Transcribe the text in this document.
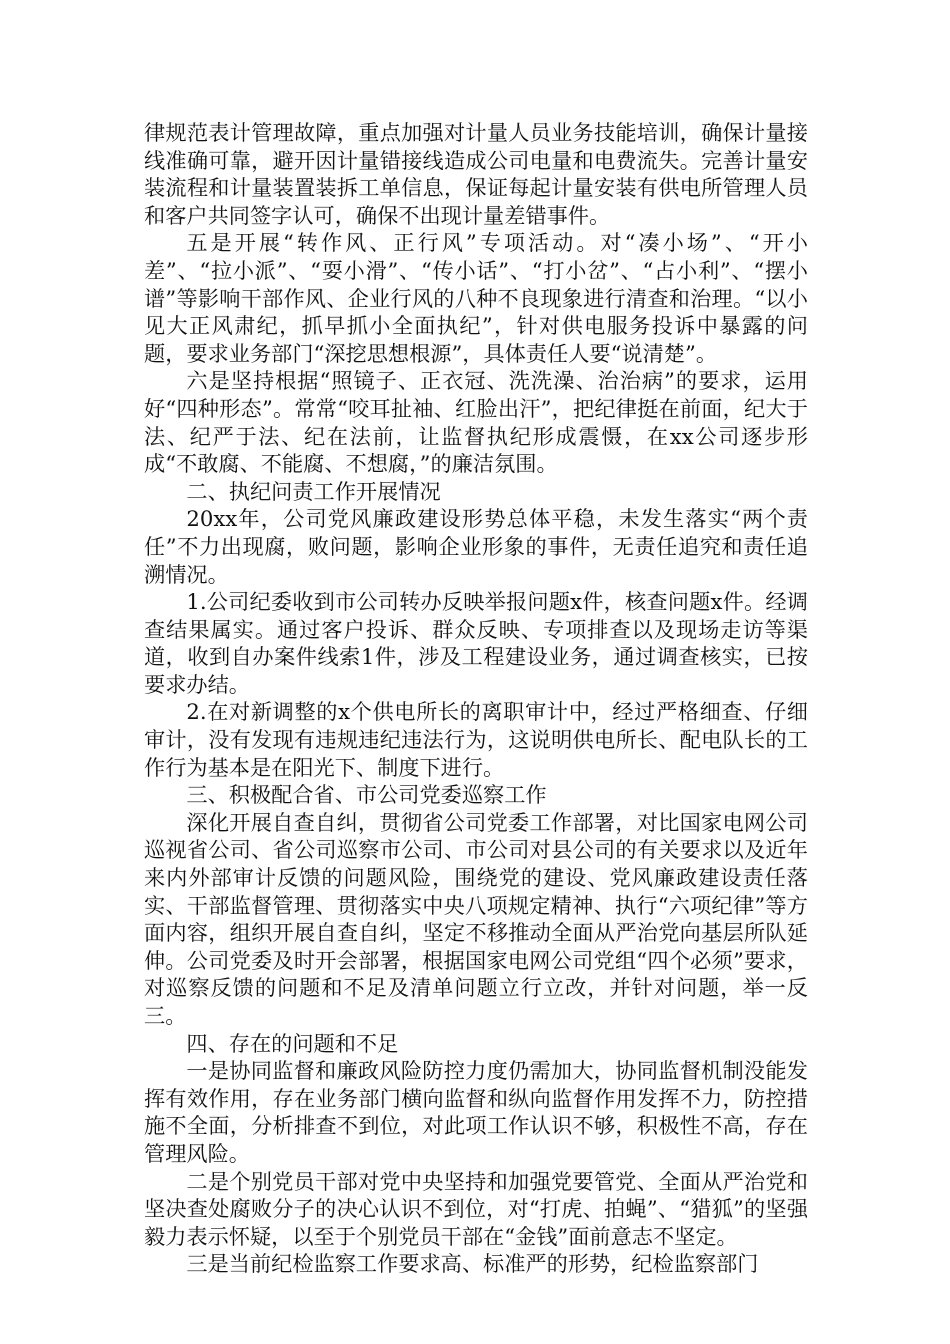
律规范表计管理故障，重点加强对计量人员业务技能培训，确保计量接线准确可靠，避开因计量错接线造成公司电量和电费流失。完善计量安装流程和计量装置装拆工单信息，保证每起计量安装有供电所管理人员和客户共同签字认可，确保不出现计量差错事件。

五是开展“转作风、正行风”专项活动。对“凑小场”、“开小差”、“拉小派”、“耍小滑”、“传小话”、“打小岔”、“占小利”、“摆小谱”等影响干部作风、企业行风的八种不良现象进行清查和治理。“以小见大正风肃纪，抓早抓小全面执纪”，针对供电服务投诉中暴露的问题，要求业务部门“深挖思想根源”，具体责任人要“说清楚”。

六是坚持根据“照镜子、正衣冠、洗洗澡、治治病”的要求，运用好“四种形态”。常常“咬耳扯袖、红脸出汗”，把纪律挺在前面，纪大于法、纪严于法、纪在法前，让监督执纪形成震慑，在xx公司逐步形成“不敢腐、不能腐、不想腐，”的廉洁氛围。

二、执纪问责工作开展情况

20xx年，公司党风廉政建设形势总体平稳，未发生落实“两个责任”不力出现腐，败问题，影响企业形象的事件，无责任追究和责任追溯情况。

1.公司纪委收到市公司转办反映举报问题x件，核查问题x件。经调查结果属实。通过客户投诉、群众反映、专项排查以及现场走访等渠道，收到自办案件线索1件，涉及工程建设业务，通过调查核实，已按要求办结。

2.在对新调整的x个供电所长的离职审计中，经过严格细查、仔细审计，没有发现有违规违纪违法行为，这说明供电所长、配电队长的工作行为基本是在阳光下、制度下进行。

三、积极配合省、市公司党委巡察工作

深化开展自查自纠，贯彻省公司党委工作部署，对比国家电网公司巡视省公司、省公司巡察市公司、市公司对县公司的有关要求以及近年来内外部审计反馈的问题风险，围绕党的建设、党风廉政建设责任落实、干部监督管理、贯彻落实中央八项规定精神、执行“六项纪律”等方面内容，组织开展自查自纠，坚定不移推动全面从严治党向基层所队延伸。公司党委及时开会部署，根据国家电网公司党组“四个必须”要求，对巡察反馈的问题和不足及清单问题立行立改，并针对问题，举一反三。

四、存在的问题和不足

一是协同监督和廉政风险防控力度仍需加大，协同监督机制没能发挥有效作用，存在业务部门横向监督和纵向监督作用发挥不力，防控措施不全面，分析排查不到位，对此项工作认识不够，积极性不高，存在管理风险。

二是个别党员干部对党中央坚持和加强党要管党、全面从严治党和坚决查处腐败分子的决心认识不到位，对“打虎、拍蝇”、“猎狐”的坚强毅力表示怀疑，以至于个别党员干部在“金钱”面前意志不坚定。

三是当前纪检监察工作要求高、标准严的形势，纪检监察部门
